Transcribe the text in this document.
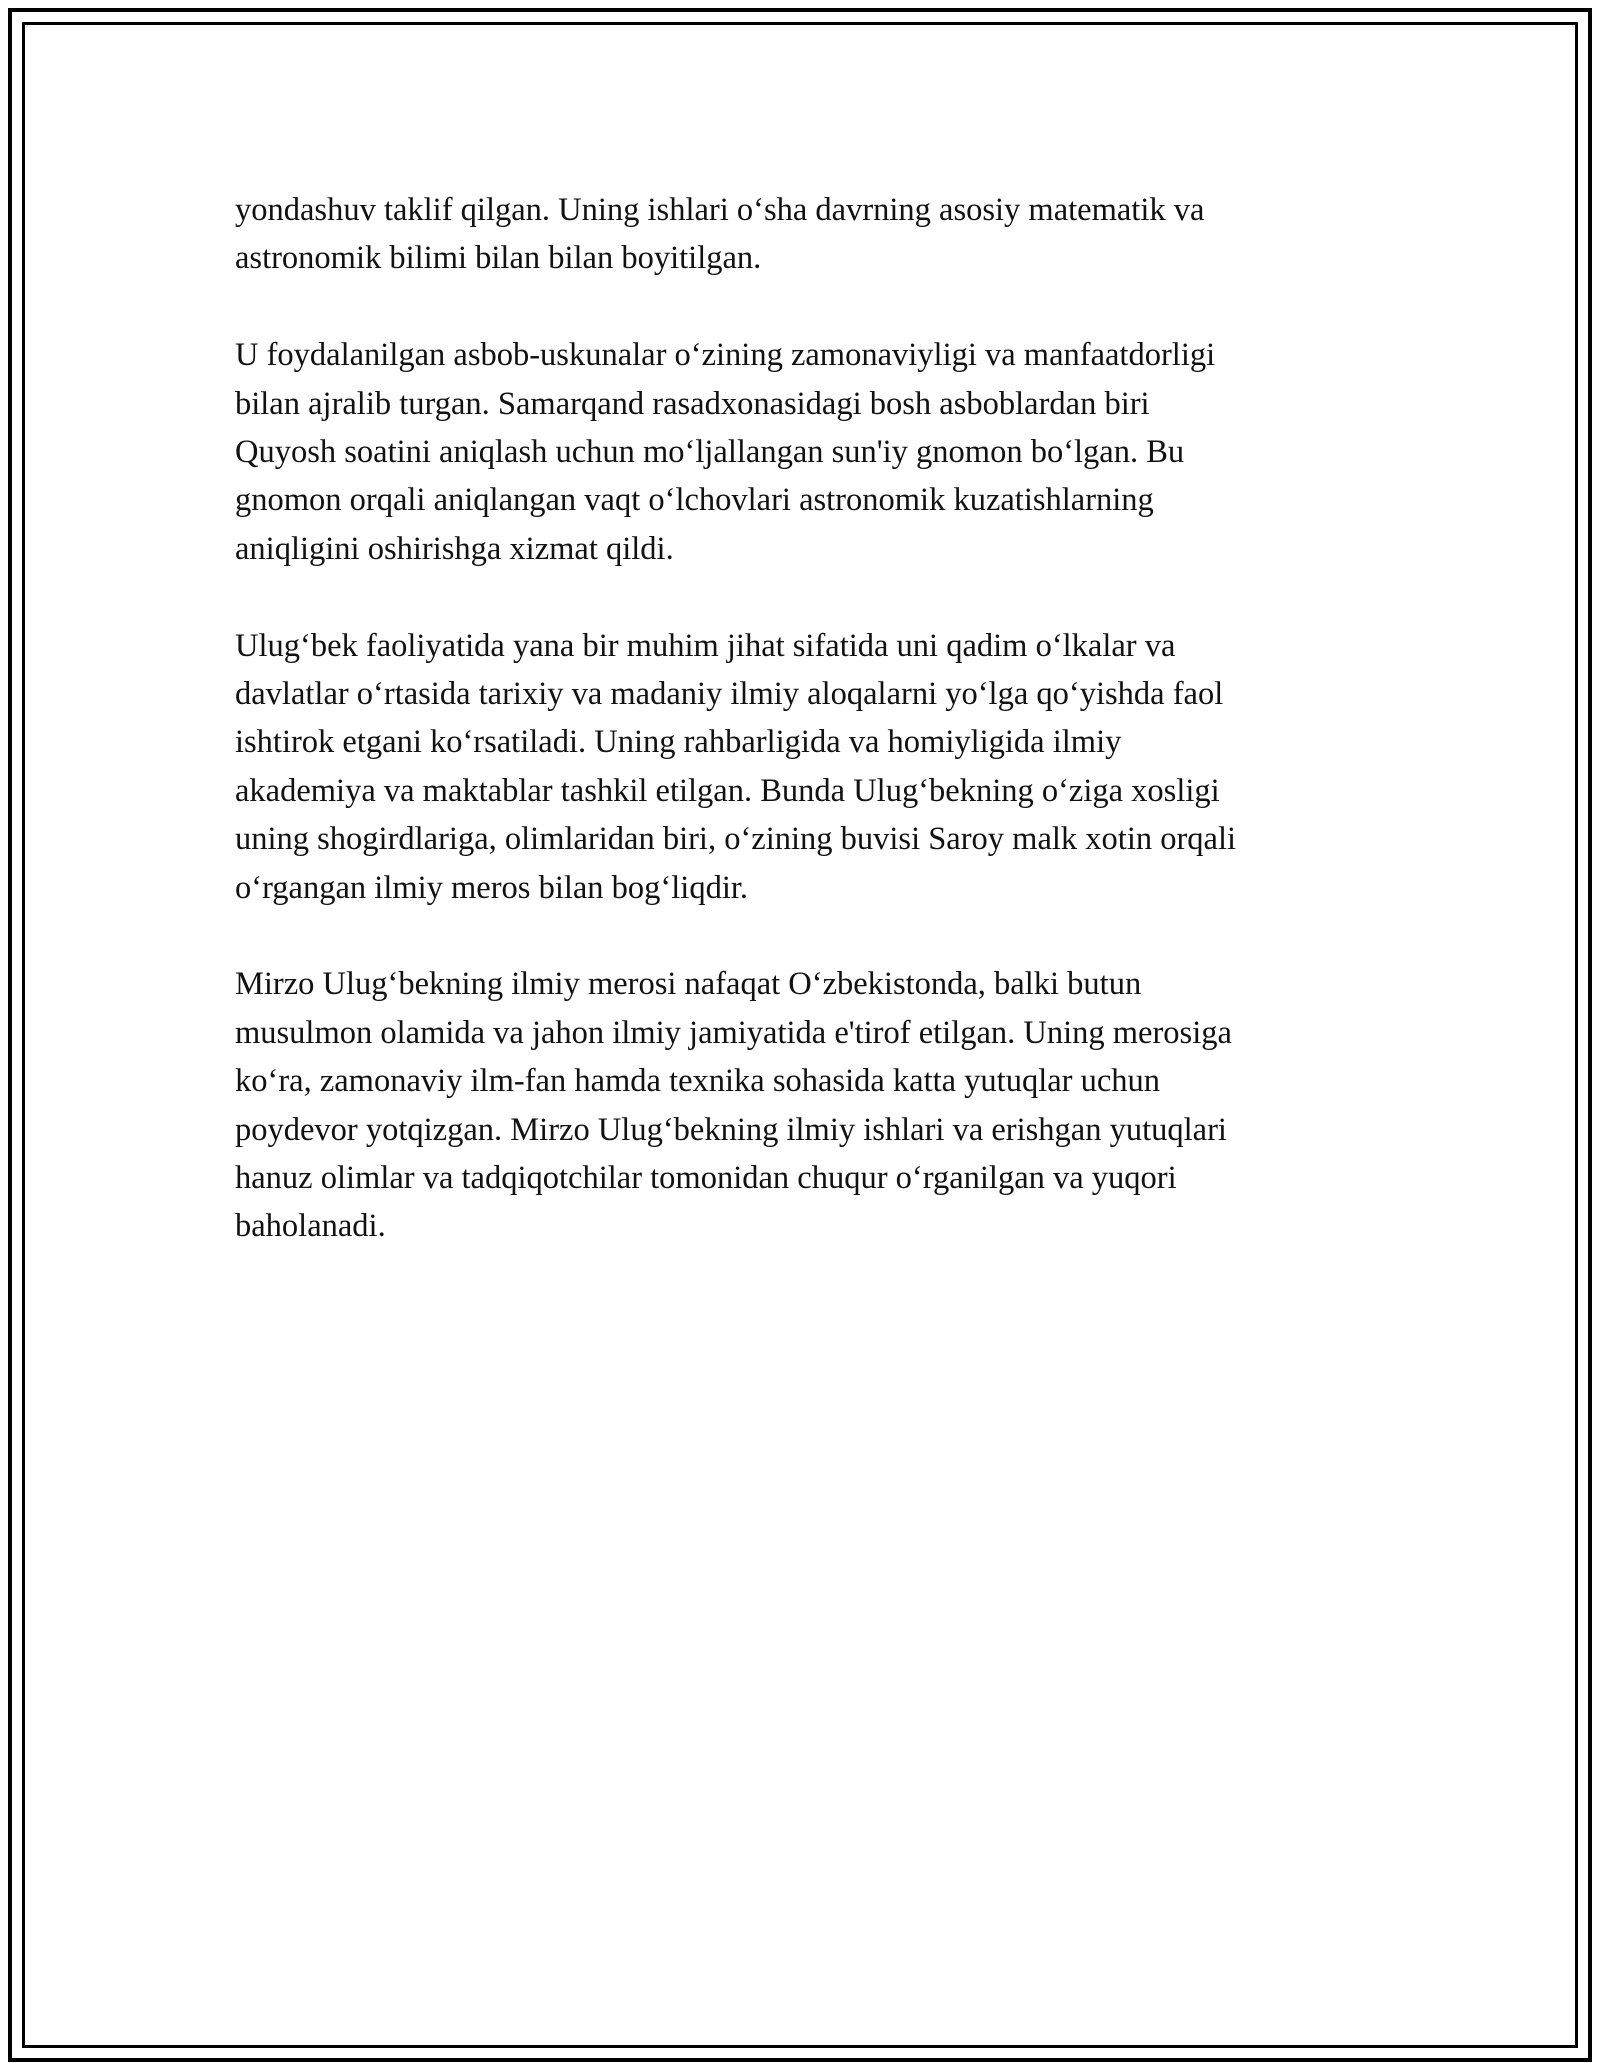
yondashuv taklif qilgan. Uning ishlari o‘sha davrning asosiy matematik va
astronomik bilimi bilan bilan boyitilgan.

U foydalanilgan asbob-uskunalar o‘zining zamonaviyligi va manfaatdorligi
bilan ajralib turgan. Samarqand rasadxonasidagi bosh asboblardan biri
Quyosh soatini aniqlash uchun mo‘ljallangan sun'iy gnomon bo‘lgan. Bu
gnomon orqali aniqlangan vaqt o‘lchovlari astronomik kuzatishlarning
aniqligini oshirishga xizmat qildi.

Ulug‘bek faoliyatida yana bir muhim jihat sifatida uni qadim o‘lkalar va
davlatlar o‘rtasida tarixiy va madaniy ilmiy aloqalarni yo‘lga qo‘yishda faol
ishtirok etgani ko‘rsatiladi. Uning rahbarligida va homiyligida ilmiy
akademiya va maktablar tashkil etilgan. Bunda Ulug‘bekning o‘ziga xosligi
uning shogirdlariga, olimlaridan biri, o‘zining buvisi Saroy malk xotin orqali
o‘rgangan ilmiy meros bilan bog‘liqdir.

Mirzo Ulug‘bekning ilmiy merosi nafaqat O‘zbekistonda, balki butun
musulmon olamida va jahon ilmiy jamiyatida e'tirof etilgan. Uning merosiga
ko‘ra, zamonaviy ilm-fan hamda texnika sohasida katta yutuqlar uchun
poydevor yotqizgan. Mirzo Ulug‘bekning ilmiy ishlari va erishgan yutuqlari
hanuz olimlar va tadqiqotchilar tomonidan chuqur o‘rganilgan va yuqori
baholanadi.
